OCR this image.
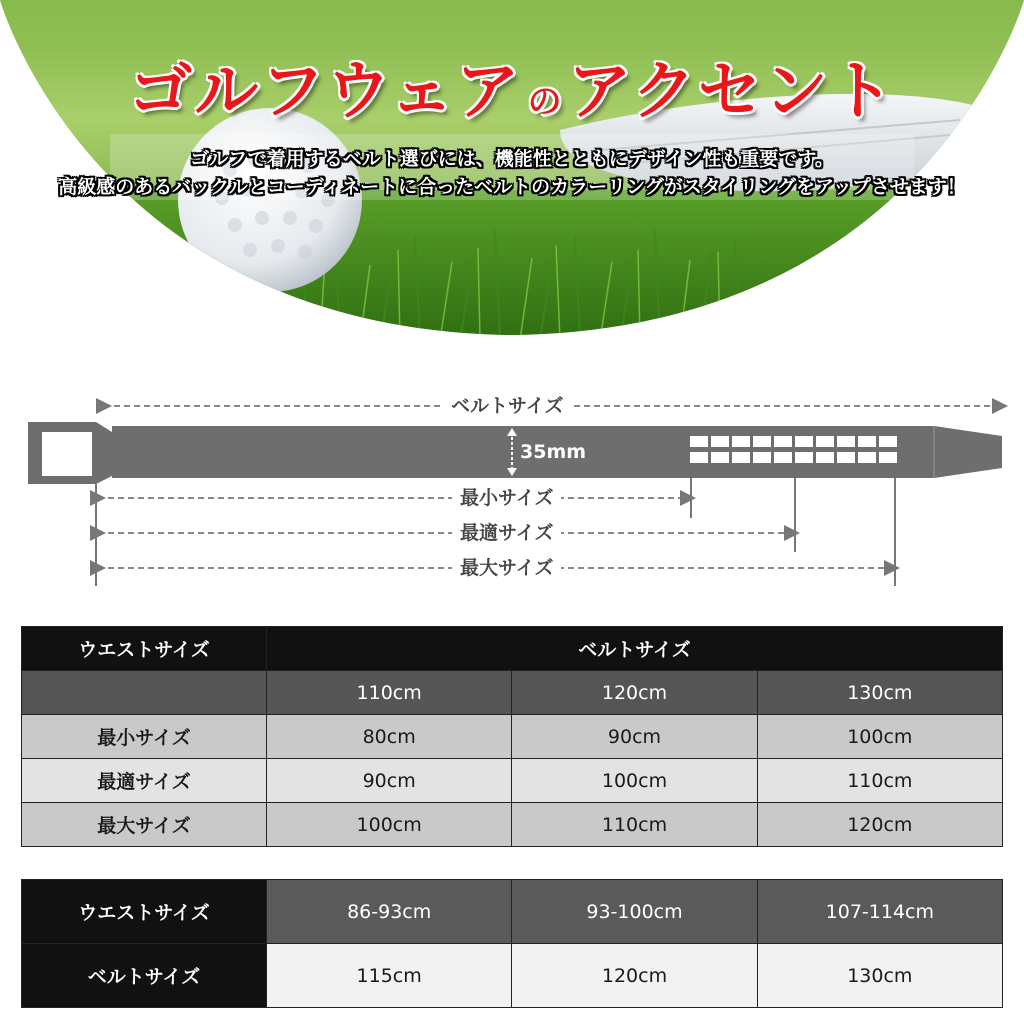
ゴルフウェア のアクセント
ゴルフで着用するベルト選びには、機能性とともにデザイン性も重要です。
高級感のあるバックルとコーディネートに合ったベルトのカラーリングがスタイリングをアップさせます！
ベルトサイズ
35mm
最小サイズ
最適サイズ
最大サイズ
ウエストサイズ	ベルトサイズ		
	110cm	120cm	130cm
最小サイズ	80cm	90cm	100cm
最適サイズ	90cm	100cm	110cm
最大サイズ	100cm	110cm	120cm
ウエストサイズ	86-93cm	93-100cm	107-114cm
ベルトサイズ	115cm	120cm	130cm
